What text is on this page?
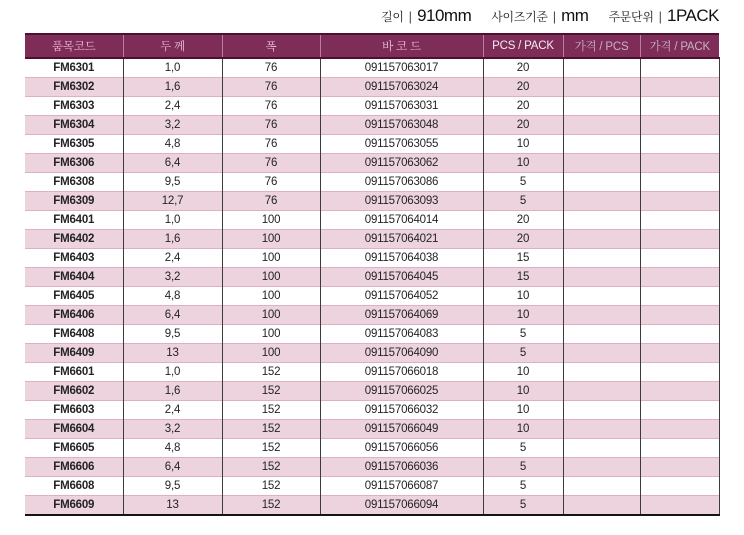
길이 | 910mm 사이즈기준 | mm 주문단위 | 1PACK
품목코드	두 께	폭	바 코 드	PCS / PACK	가격 / PCS	가격 / PACK
FM6301	1,0	76	091157063017	20		
FM6302	1,6	76	091157063024	20		
FM6303	2,4	76	091157063031	20		
FM6304	3,2	76	091157063048	20		
FM6305	4,8	76	091157063055	10		
FM6306	6,4	76	091157063062	10		
FM6308	9,5	76	091157063086	5		
FM6309	12,7	76	091157063093	5		
FM6401	1,0	100	091157064014	20		
FM6402	1,6	100	091157064021	20		
FM6403	2,4	100	091157064038	15		
FM6404	3,2	100	091157064045	15		
FM6405	4,8	100	091157064052	10		
FM6406	6,4	100	091157064069	10		
FM6408	9,5	100	091157064083	5		
FM6409	13	100	091157064090	5		
FM6601	1,0	152	091157066018	10		
FM6602	1,6	152	091157066025	10		
FM6603	2,4	152	091157066032	10		
FM6604	3,2	152	091157066049	10		
FM6605	4,8	152	091157066056	5		
FM6606	6,4	152	091157066036	5		
FM6608	9,5	152	091157066087	5		
FM6609	13	152	091157066094	5		
